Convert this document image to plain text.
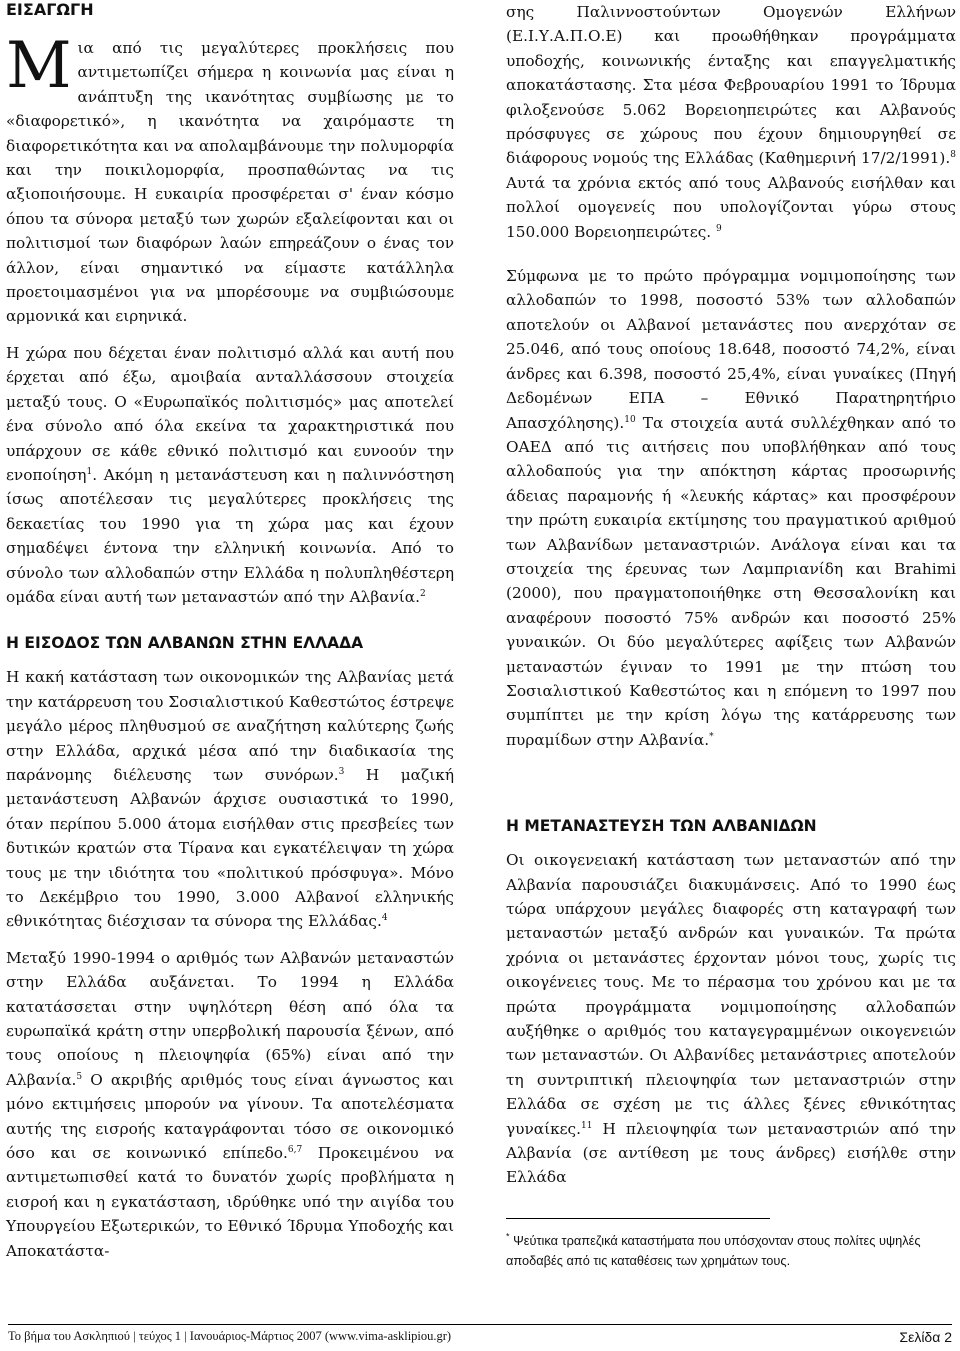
ΕΙΣΑΓΩΓΗ

Μια από τις μεγαλύτερες προκλήσεις που αντιμετωπίζει σήμερα η κοινωνία μας είναι η ανάπτυξη της ικανότητας συμβίωσης με το «διαφορετικό», η ικανότητα να χαιρόμαστε τη διαφορετικότητα και να απολαμβάνουμε την πολυμορφία και την ποικιλομορφία, προσπαθώντας να τις αξιοποιήσουμε. Η ευκαιρία προσφέρεται σ' έναν κόσμο όπου τα σύνορα μεταξύ των χωρών εξαλείφονται και οι πολιτισμοί των διαφόρων λαών επηρεάζουν ο ένας τον άλλον, είναι σημαντικό να είμαστε κατάλληλα προετοιμασμένοι για να μπορέσουμε να συμβιώσουμε αρμονικά και ειρηνικά.

Η χώρα που δέχεται έναν πολιτισμό αλλά και αυτή που έρχεται από έξω, αμοιβαία ανταλλάσσουν στοιχεία μεταξύ τους. Ο «Ευρωπαϊκός πολιτισμός» μας αποτελεί ένα σύνολο από όλα εκείνα τα χαρακτηριστικά που υπάρχουν σε κάθε εθνικό πολιτισμό και ευνοούν την ενοποίηση$^1$. Ακόμη η μετανάστευση και η παλιννόστηση ίσως αποτέλεσαν τις μεγαλύτερες προκλήσεις της δεκαετίας του 1990 για τη χώρα μας και έχουν σημαδέψει έντονα την ελληνική κοινωνία. Από το σύνολο των αλλοδαπών στην Ελλάδα η πολυπληθέστερη ομάδα είναι αυτή των μεταναστών από την Αλβανία.$^2$

Η ΕΙΣΟΔΟΣ ΤΩΝ ΑΛΒΑΝΩΝ ΣΤΗΝ ΕΛΛΑΔΑ

Η κακή κατάσταση των οικονομικών της Αλβανίας μετά την κατάρρευση του Σοσιαλιστικού Καθεστώτος έστρεψε μεγάλο μέρος πληθυσμού σε αναζήτηση καλύτερης ζωής στην Ελλάδα, αρχικά μέσα από την διαδικασία της παράνομης διέλευσης των συνόρων.$^3$ Η μαζική μετανάστευση Αλβανών άρχισε ουσιαστικά το 1990, όταν περίπου 5.000 άτομα εισήλθαν στις πρεσβείες των δυτικών κρατών στα Τίρανα και εγκατέλειψαν τη χώρα τους με την ιδιότητα του «πολιτικού πρόσφυγα». Μόνο το Δεκέμβριο του 1990, 3.000 Αλβανοί ελληνικής εθνικότητας διέσχισαν τα σύνορα της Ελλάδας.$^4$

Μεταξύ 1990-1994 ο αριθμός των Αλβανών μεταναστών στην Ελλάδα αυξάνεται. Το 1994 η Ελλάδα κατατάσσεται στην υψηλότερη θέση από όλα τα ευρωπαϊκά κράτη στην υπερβολική παρουσία ξένων, από τους οποίους η πλειοψηφία (65%) είναι από την Αλβανία.$^5$ Ο ακριβής αριθμός τους είναι άγνωστος και μόνο εκτιμήσεις μπορούν να γίνουν. Τα αποτελέσματα αυτής της εισροής καταγράφονται τόσο σε οικονομικό όσο και σε κοινωνικό επίπεδο.$^{6,7}$ Προκειμένου να αντιμετωπισθεί κατά το δυνατόν χωρίς προβλήματα η εισροή και η εγκατάσταση, ιδρύθηκε υπό την αιγίδα του Υπουργείου Εξωτερικών, το Εθνικό Ίδρυμα Υποδοχής και Αποκατάστα-

σης Παλιννοστούντων Ομογενών Ελλήνων (Ε.Ι.Υ.Α.Π.Ο.Ε) και προωθήθηκαν προγράμματα υποδοχής, κοινωνικής ένταξης και επαγγελματικής αποκατάστασης. Στα μέσα Φεβρουαρίου 1991 το Ίδρυμα φιλοξενούσε 5.062 Βορειοηπειρώτες και Αλβανούς πρόσφυγες σε χώρους που έχουν δημιουργηθεί σε διάφορους νομούς της Ελλάδας (Καθημερινή 17/2/1991).$^8$ Αυτά τα χρόνια εκτός από τους Αλβανούς εισήλθαν και πολλοί ομογενείς που υπολογίζονται γύρω στους 150.000 Βορειοηπειρώτες. $^9$

Σύμφωνα με το πρώτο πρόγραμμα νομιμοποίησης των αλλοδαπών το 1998, ποσοστό 53% των αλλοδαπών αποτελούν οι Αλβανοί μετανάστες που ανερχόταν σε 25.046, από τους οποίους 18.648, ποσοστό 74,2%, είναι άνδρες και 6.398, ποσοστό 25,4%, είναι γυναίκες (Πηγή Δεδομένων ΕΠΑ – Εθνικό Παρατηρητήριο Απασχόλησης).$^{10}$ Τα στοιχεία αυτά συλλέχθηκαν από το ΟΑΕΔ από τις αιτήσεις που υποβλήθηκαν από τους αλλοδαπούς για την απόκτηση κάρτας προσωρινής άδειας παραμονής ή «λευκής κάρτας» και προσφέρουν την πρώτη ευκαιρία εκτίμησης του πραγματικού αριθμού των Αλβανίδων μεταναστριών. Ανάλογα είναι και τα στοιχεία της έρευνας των Λαμπριανίδη και Brahimi (2000), που πραγματοποιήθηκε στη Θεσσαλονίκη και αναφέρουν ποσοστό 75% ανδρών και ποσοστό 25% γυναικών. Οι δύο μεγαλύτερες αφίξεις των Αλβανών μεταναστών έγιναν το 1991 με την πτώση του Σοσιαλιστικού Καθεστώτος και η επόμενη το 1997 που συμπίπτει με την κρίση λόγω της κατάρρευσης των πυραμίδων στην Αλβανία.*

Η ΜΕΤΑΝΑΣΤΕΥΣΗ ΤΩΝ ΑΛΒΑΝΙΔΩΝ

Οι οικογενειακή κατάσταση των μεταναστών από την Αλβανία παρουσιάζει διακυμάνσεις. Από το 1990 έως τώρα υπάρχουν μεγάλες διαφορές στη καταγραφή των μεταναστών μεταξύ ανδρών και γυναικών. Τα πρώτα χρόνια οι μετανάστες έρχονταν μόνοι τους, χωρίς τις οικογένειες τους. Με το πέρασμα του χρόνου και με τα πρώτα προγράμματα νομιμοποίησης αλλοδαπών αυξήθηκε ο αριθμός του καταγεγραμμένων οικογενειών των μεταναστών. Οι Αλβανίδες μετανάστριες αποτελούν τη συντριπτική πλειοψηφία των μεταναστριών στην Ελλάδα σε σχέση με τις άλλες ξένες εθνικότητας γυναίκες.$^{11}$ Η πλειοψηφία των μεταναστριών από την Αλβανία (σε αντίθεση με τους άνδρες) εισήλθε στην Ελλάδα

* Ψεύτικα τραπεζικά καταστήματα που υπόσχονταν στους πολίτες υψηλές αποδαβές από τις καταθέσεις των χρημάτων τους.

Το βήμα του Ασκληπιού | τεύχος 1 | Ιανουάριος-Μάρτιος 2007 (www.vima-asklipiou.gr)	Σελίδα 2
